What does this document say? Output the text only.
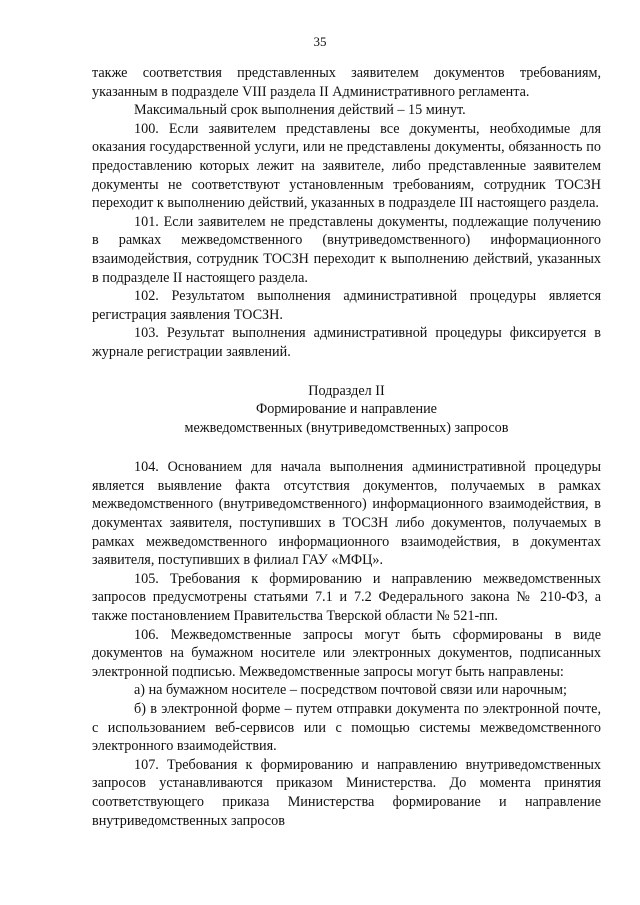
35

также соответствия представленных заявителем документов требованиям, указанным в подразделе VIII раздела II Административного регламента.

Максимальный срок выполнения действий – 15 минут.

100. Если заявителем представлены все документы, необходимые для оказания государственной услуги, или не представлены документы, обязанность по предоставлению которых лежит на заявителе, либо представленные заявителем документы не соответствуют установленным требованиям, сотрудник ТОСЗН переходит к выполнению действий, указанных в подразделе III настоящего раздела.

101. Если заявителем не представлены документы, подлежащие получению в рамках межведомственного (внутриведомственного) информационного взаимодействия, сотрудник ТОСЗН переходит к выполнению действий, указанных в подразделе II настоящего раздела.

102. Результатом выполнения административной процедуры является регистрация заявления ТОСЗН.

103. Результат выполнения административной процедуры фиксируется в журнале регистрации заявлений.

Подраздел II

Формирование и направление

межведомственных (внутриведомственных) запросов

104. Основанием для начала выполнения административной процедуры является выявление факта отсутствия документов, получаемых в рамках межведомственного (внутриведомственного) информационного взаимодействия, в документах заявителя, поступивших в ТОСЗН либо документов, получаемых в рамках межведомственного информационного взаимодействия, в документах заявителя, поступивших в филиал ГАУ «МФЦ».

105. Требования к формированию и направлению межведомственных запросов предусмотрены статьями 7.1 и 7.2 Федерального закона № 210-ФЗ, а также постановлением Правительства Тверской области № 521-пп.

106. Межведомственные запросы могут быть сформированы в виде документов на бумажном носителе или электронных документов, подписанных электронной подписью. Межведомственные запросы могут быть направлены:

а) на бумажном носителе – посредством почтовой связи или нарочным;

б) в электронной форме – путем отправки документа по электронной почте, с использованием веб-сервисов или с помощью системы межведомственного электронного взаимодействия.

107. Требования к формированию и направлению внутриведомственных запросов устанавливаются приказом Министерства. До момента принятия соответствующего приказа Министерства формирование и направление внутриведомственных запросов
